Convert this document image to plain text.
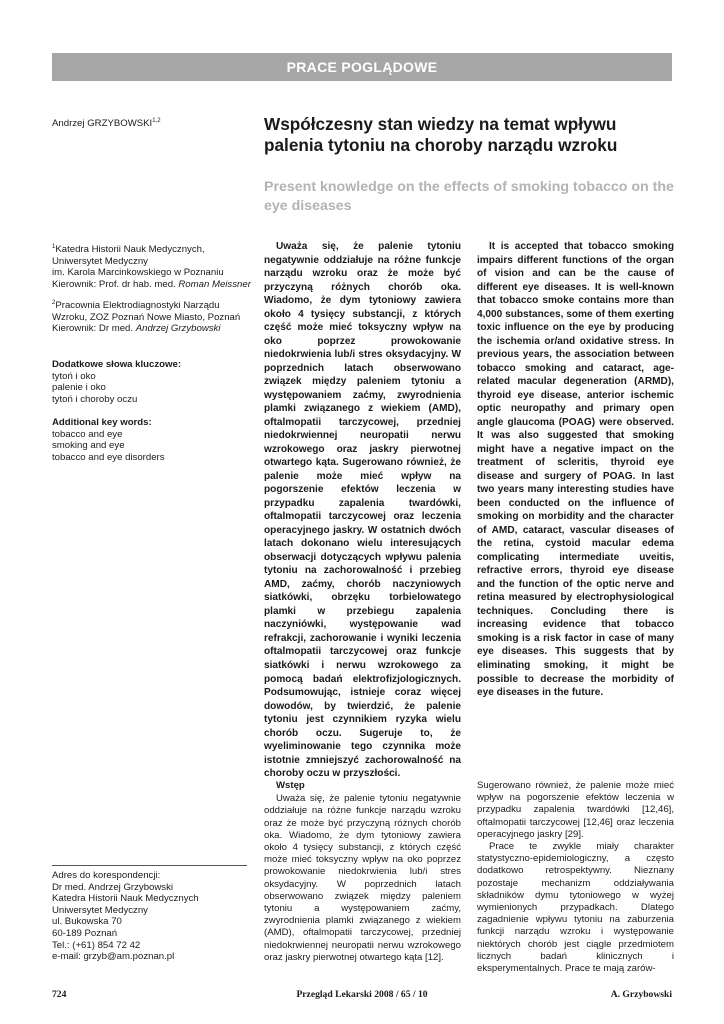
PRACE POGLĄDOWE
Andrzej GRZYBOWSKI$^{1,2}$

$^1$Katedra Historii Nauk Medycznych,

Uniwersytet Medyczny

im. Karola Marcinkowskiego w Poznaniu

Kierownik: Prof. dr hab. med. Roman Meissner

$^2$Pracownia Elektrodiagnostyki Narządu

Wzroku, ZOZ Poznań Nowe Miasto, Poznań

Kierownik: Dr med. Andrzej Grzybowski

Dodatkowe słowa kluczowe:

tytoń i oko

palenie i oko

tytoń i choroby oczu

Additional key words:

tobacco and eye

smoking and eye

tobacco and eye disorders

Adres do korespondencji:

Dr med. Andrzej Grzybowski

Katedra Historii Nauk Medycznych

Uniwersytet Medyczny

ul. Bukowska 70

60-189 Poznań

Tel.: (+61) 854 72 42

e-mail: grzyb@am.poznan.pl

Współczesny stan wiedzy na temat wpływu palenia tytoniu na choroby narządu wzroku
Present knowledge on the effects of smoking tobacco on the eye diseases
Uważa się, że palenie tytoniu negatywnie oddziałuje na różne funkcje narządu wzroku oraz że może być przyczyną różnych chorób oka. Wiadomo, że dym tytoniowy zawiera około 4 tysięcy substancji, z których część może mieć toksyczny wpływ na oko poprzez prowokowanie niedokrwienia lub/i stres oksydacyjny. W poprzednich latach obserwowano związek między paleniem tytoniu a występowaniem zaćmy, zwyrodnienia plamki związanego z wiekiem (AMD), oftalmopatii tarczycowej, przedniej niedokrwiennej neuropatii nerwu wzrokowego oraz jaskry pierwotnej otwartego kąta. Sugerowano również, że palenie może mieć wpływ na pogorszenie efektów leczenia w przypadku zapalenia twardówki, oftalmopatii tarczycowej oraz leczenia operacyjnego jaskry. W ostatnich dwóch latach dokonano wielu interesujących obserwacji dotyczących wpływu palenia tytoniu na zachorowalność i przebieg AMD, zaćmy, chorób naczyniowych siatkówki, obrzęku torbielowatego plamki w przebiegu zapalenia naczyniówki, występowanie wad refrakcji, zachorowanie i wyniki leczenia oftalmopatii tarczycowej oraz funkcje siatkówki i nerwu wzrokowego za pomocą badań elektrofizjologicznych. Podsumowując, istnieje coraz więcej dowodów, by twierdzić, że palenie tytoniu jest czynnikiem ryzyka wielu chorób oczu. Sugeruje to, że wyeliminowanie tego czynnika może istotnie zmniejszyć zachorowalność na choroby oczu w przyszłości.
It is accepted that tobacco smoking impairs different functions of the organ of vision and can be the cause of different eye diseases. It is well-known that tobacco smoke contains more than 4,000 substances, some of them exerting toxic influence on the eye by producing the ischemia or/and oxidative stress. In previous years, the association between tobacco smoking and cataract, age-related macular degeneration (ARMD), thyroid eye disease, anterior ischemic optic neuropathy and primary open angle glaucoma (POAG) were observed. It was also suggested that smoking might have a negative impact on the treatment of scleritis, thyroid eye disease and surgery of POAG. In last two years many interesting studies have been conducted on the influence of smoking on morbidity and the character of AMD, cataract, vascular diseases of the retina, cystoid macular edema complicating intermediate uveitis, refractive errors, thyroid eye disease and the function of the optic nerve and retina measured by electrophysiological techniques. Concluding there is increasing evidence that tobacco smoking is a risk factor in case of many eye diseases. This suggests that by eliminating smoking, it might be possible to decrease the morbidity of eye diseases in the future.

Wstęp

Uważa się, że palenie tytoniu negatywnie oddziałuje na różne funkcje narządu wzroku oraz że może być przyczyną różnych chorób oka. Wiadomo, że dym tytoniowy zawiera około 4 tysięcy substancji, z których część może mieć toksyczny wpływ na oko poprzez prowokowanie niedokrwienia lub/i stres oksydacyjny. W poprzednich latach obserwowano związek między paleniem tytoniu a występowaniem zaćmy, zwyrodnienia plamki związanego z wiekiem (AMD), oftalmopatii tarczycowej, przedniej niedokrwiennej neuropatii nerwu wzrokowego oraz jaskry pierwotnej otwartego kąta [12].

Sugerowano również, że palenie może mieć wpływ na pogorszenie efektów leczenia w przypadku zapalenia twardówki [12,46], oftalmopatii tarczycowej [12,46] oraz leczenia operacyjnego jaskry [29].

Prace te zwykle miały charakter statystyczno-epidemiologiczny, a często dodatkowo retrospektywny. Nieznany pozostaje mechanizm oddziaływania składników dymu tytoniowego w wyżej wymienionych przypadkach. Dlatego zagadnienie wpływu tytoniu na zaburzenia funkcji narządu wzroku i występowanie niektórych chorób jest ciągle przedmiotem licznych badań klinicznych i eksperymentalnych. Prace te mają zarów-

724	Przegląd Lekarski 2008 / 65 / 10	A. Grzybowski
